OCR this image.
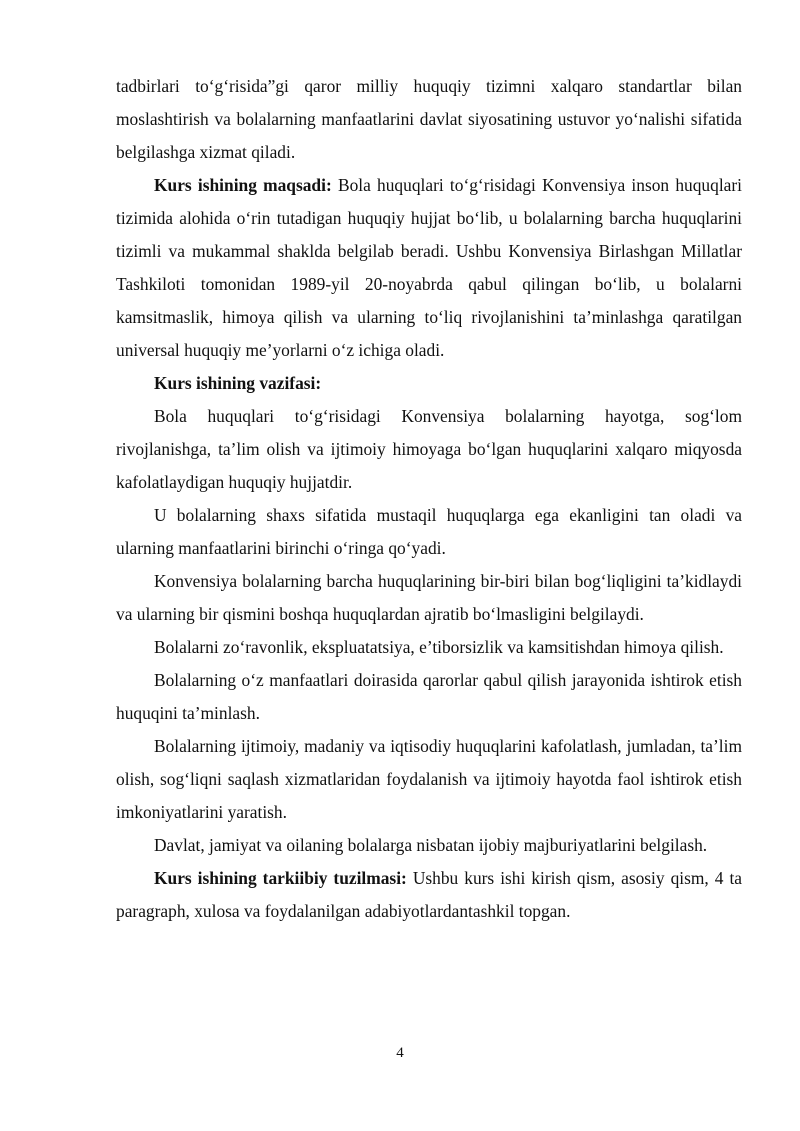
tadbirlari to‘g‘risida”gi qaror milliy huquqiy tizimni xalqaro standartlar bilan moslashtirish va bolalarning manfaatlarini davlat siyosatining ustuvor yo‘nalishi sifatida belgilashga xizmat qiladi.

Kurs ishining maqsadi: Bola huquqlari to‘g‘risidagi Konvensiya inson huquqlari tizimida alohida o‘rin tutadigan huquqiy hujjat bo‘lib, u bolalarning barcha huquqlarini tizimli va mukammal shaklda belgilab beradi. Ushbu Konvensiya Birlashgan Millatlar Tashkiloti tomonidan 1989-yil 20-noyabrda qabul qilingan bo‘lib, u bolalarni kamsitmaslik, himoya qilish va ularning to‘liq rivojlanishini ta’minlashga qaratilgan universal huquqiy me’yorlarni o‘z ichiga oladi.

Kurs ishining vazifasi:

Bola huquqlari to‘g‘risidagi Konvensiya bolalarning hayotga, sog‘lom rivojlanishga, ta’lim olish va ijtimoiy himoyaga bo‘lgan huquqlarini xalqaro miqyosda kafolatlaydigan huquqiy hujjatdir.

U bolalarning shaxs sifatida mustaqil huquqlarga ega ekanligini tan oladi va ularning manfaatlarini birinchi o‘ringa qo‘yadi.

Konvensiya bolalarning barcha huquqlarining bir-biri bilan bog‘liqligini ta’kidlaydi va ularning bir qismini boshqa huquqlardan ajratib bo‘lmasligini belgilaydi.

Bolalarni zo‘ravonlik, ekspluatatsiya, e’tiborsizlik va kamsitishdan himoya qilish.

Bolalarning o‘z manfaatlari doirasida qarorlar qabul qilish jarayonida ishtirok etish huquqini ta’minlash.

Bolalarning ijtimoiy, madaniy va iqtisodiy huquqlarini kafolatlash, jumladan, ta’lim olish, sog‘liqni saqlash xizmatlaridan foydalanish va ijtimoiy hayotda faol ishtirok etish imkoniyatlarini yaratish.

Davlat, jamiyat va oilaning bolalarga nisbatan ijobiy majburiyatlarini belgilash.

Kurs ishining tarkiibiy tuzilmasi: Ushbu kurs ishi kirish qism, asosiy qism, 4 ta paragraph, xulosa va foydalanilgan adabiyotlardantashkil topgan.

4
